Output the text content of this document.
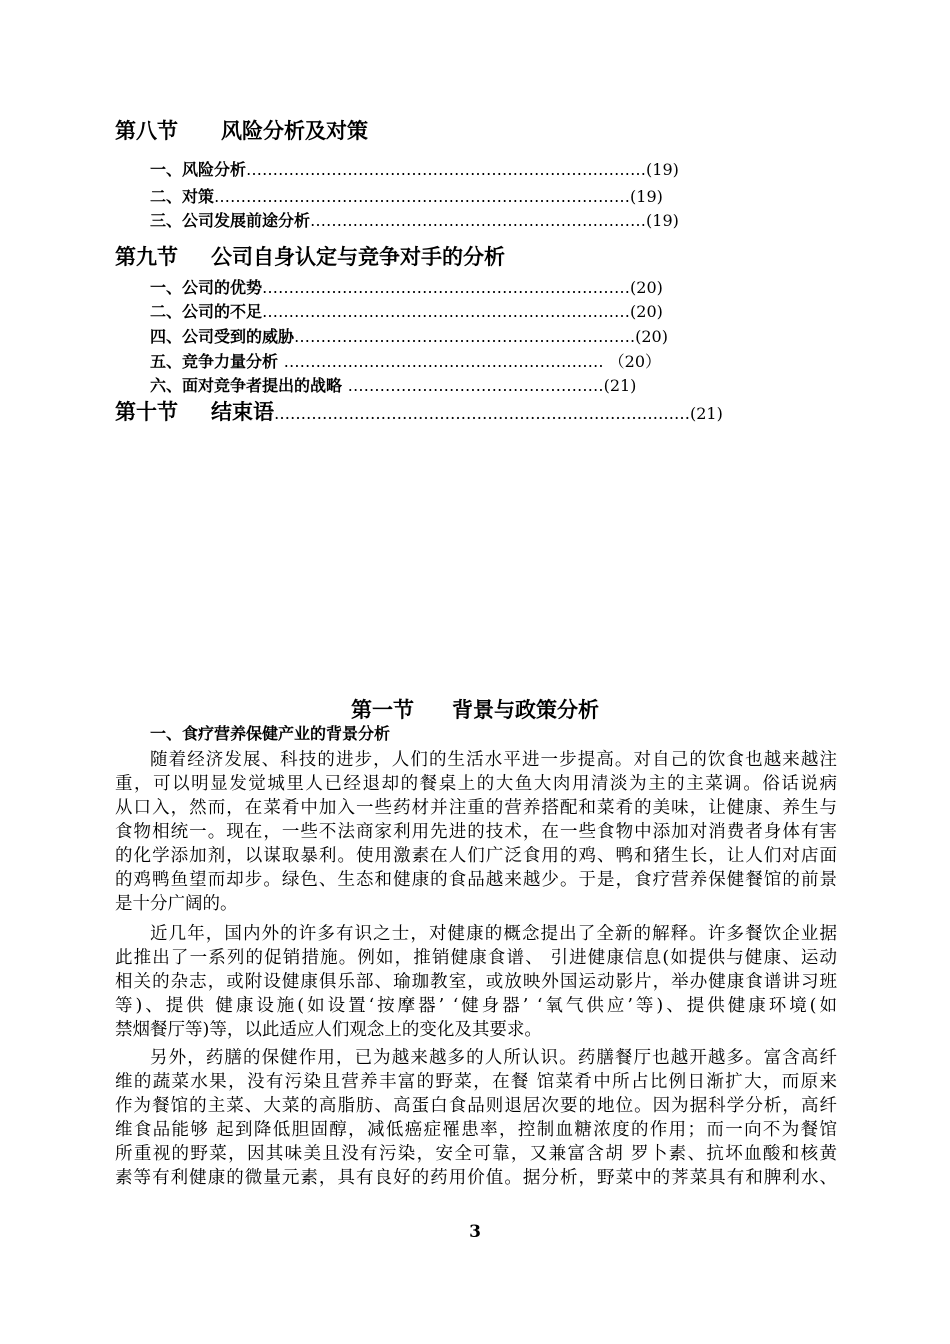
第八节 风险分析及对策
一、风险分析…………………………………………………………………(19)
二、对策……………………………………………………………………(19)
三、公司发展前途分析………………………………………………………(19)
第九节 公司自身认定与竞争对手的分析
一、公司的优势……………………………………………………………(20)
二、公司的不足……………………………………………………………(20)
四、公司受到的威胁……………………………………………………….(20)
五、竞争力量分析 …………………………………………………… （20）
六、面对竞争者提出的战略 …………………………………………(21)
第十节 结束语……………………………………………………………………(21)
第一节 背景与政策分析
一、食疗营养保健产业的背景分析
随着经济发展、科技的进步，人们的生活水平进一步提高。对自己的饮食也越来越注
重，可以明显发觉城里人已经退却的餐桌上的大鱼大肉用清淡为主的主菜调。俗话说病
从口入，然而，在菜肴中加入一些药材并注重的营养搭配和菜肴的美味，让健康、养生与
食物相统一。现在，一些不法商家利用先进的技术，在一些食物中添加对消费者身体有害
的化学添加剂，以谋取暴利。使用激素在人们广泛食用的鸡、鸭和猪生长，让人们对店面
的鸡鸭鱼望而却步。绿色、生态和健康的食品越来越少。于是，食疗营养保健餐馆的前景
是十分广阔的。
近几年，国内外的许多有识之士，对健康的概念提出了全新的解释。许多餐饮企业据
此推出了一系列的促销措施。例如，推销健康食谱、 引进健康信息(如提供与健康、运动
相关的杂志，或附设健康俱乐部、瑜珈教室，或放映外国运动影片，举办健康食谱讲习班
等)、提供 健康设施(如设置‘按摩器’ ‘健身器’ ‘氧气供应’等)、提供健康环境(如
禁烟餐厅等)等，以此适应人们观念上的变化及其要求。
另外，药膳的保健作用，已为越来越多的人所认识。药膳餐厅也越开越多。富含高纤
维的蔬菜水果，没有污染且营养丰富的野菜，在餐 馆菜肴中所占比例日渐扩大，而原来
作为餐馆的主菜、大菜的高脂肪、高蛋白食品则退居次要的地位。因为据科学分析，高纤
维食品能够 起到降低胆固醇，减低癌症罹患率，控制血糖浓度的作用；而一向不为餐馆
所重视的野菜，因其味美且没有污染，安全可靠，又兼富含胡 罗卜素、抗坏血酸和核黄
素等有利健康的微量元素，具有良好的药用价值。据分析，野菜中的荠菜具有和脾利水、
3
